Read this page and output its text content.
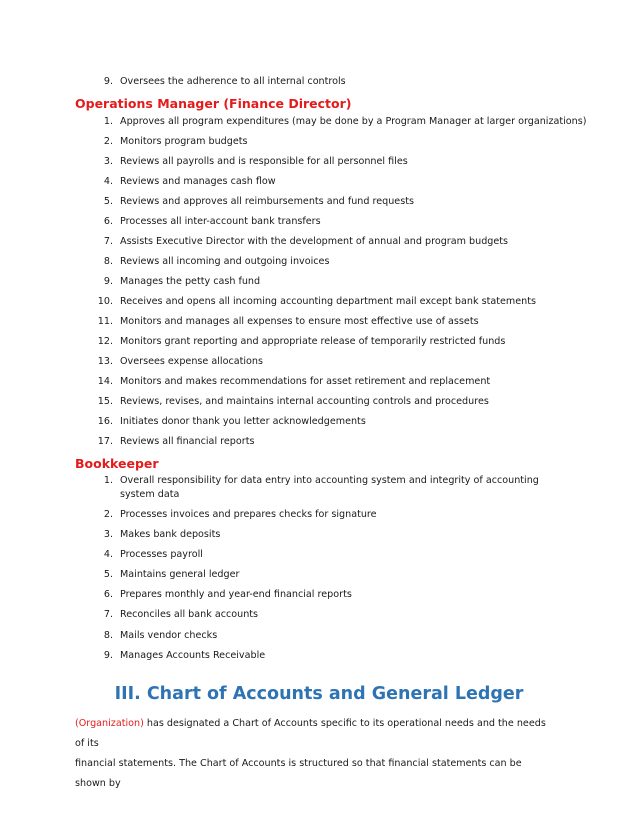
9. Oversees the adherence to all internal controls
Operations Manager (Finance Director)
1. Approves all program expenditures (may be done by a Program Manager at larger organizations)
2. Monitors program budgets
3. Reviews all payrolls and is responsible for all personnel files
4. Reviews and manages cash flow
5. Reviews and approves all reimbursements and fund requests
6. Processes all inter-account bank transfers
7. Assists Executive Director with the development of annual and program budgets
8. Reviews all incoming and outgoing invoices
9. Manages the petty cash fund
10. Receives and opens all incoming accounting department mail except bank statements
11. Monitors and manages all expenses to ensure most effective use of assets
12. Monitors grant reporting and appropriate release of temporarily restricted funds
13. Oversees expense allocations
14. Monitors and makes recommendations for asset retirement and replacement
15. Reviews, revises, and maintains internal accounting controls and procedures
16. Initiates donor thank you letter acknowledgements
17. Reviews all financial reports
Bookkeeper
1. Overall responsibility for data entry into accounting system and integrity of accounting system data
2. Processes invoices and prepares checks for signature
3. Makes bank deposits
4. Processes payroll
5. Maintains general ledger
6. Prepares monthly and year-end financial reports
7. Reconciles all bank accounts
8. Mails vendor checks
9. Manages Accounts Receivable
III. Chart of Accounts and General Ledger
(Organization) has designated a Chart of Accounts specific to its operational needs and the needs of its
financial statements. The Chart of Accounts is structured so that financial statements can be shown by
